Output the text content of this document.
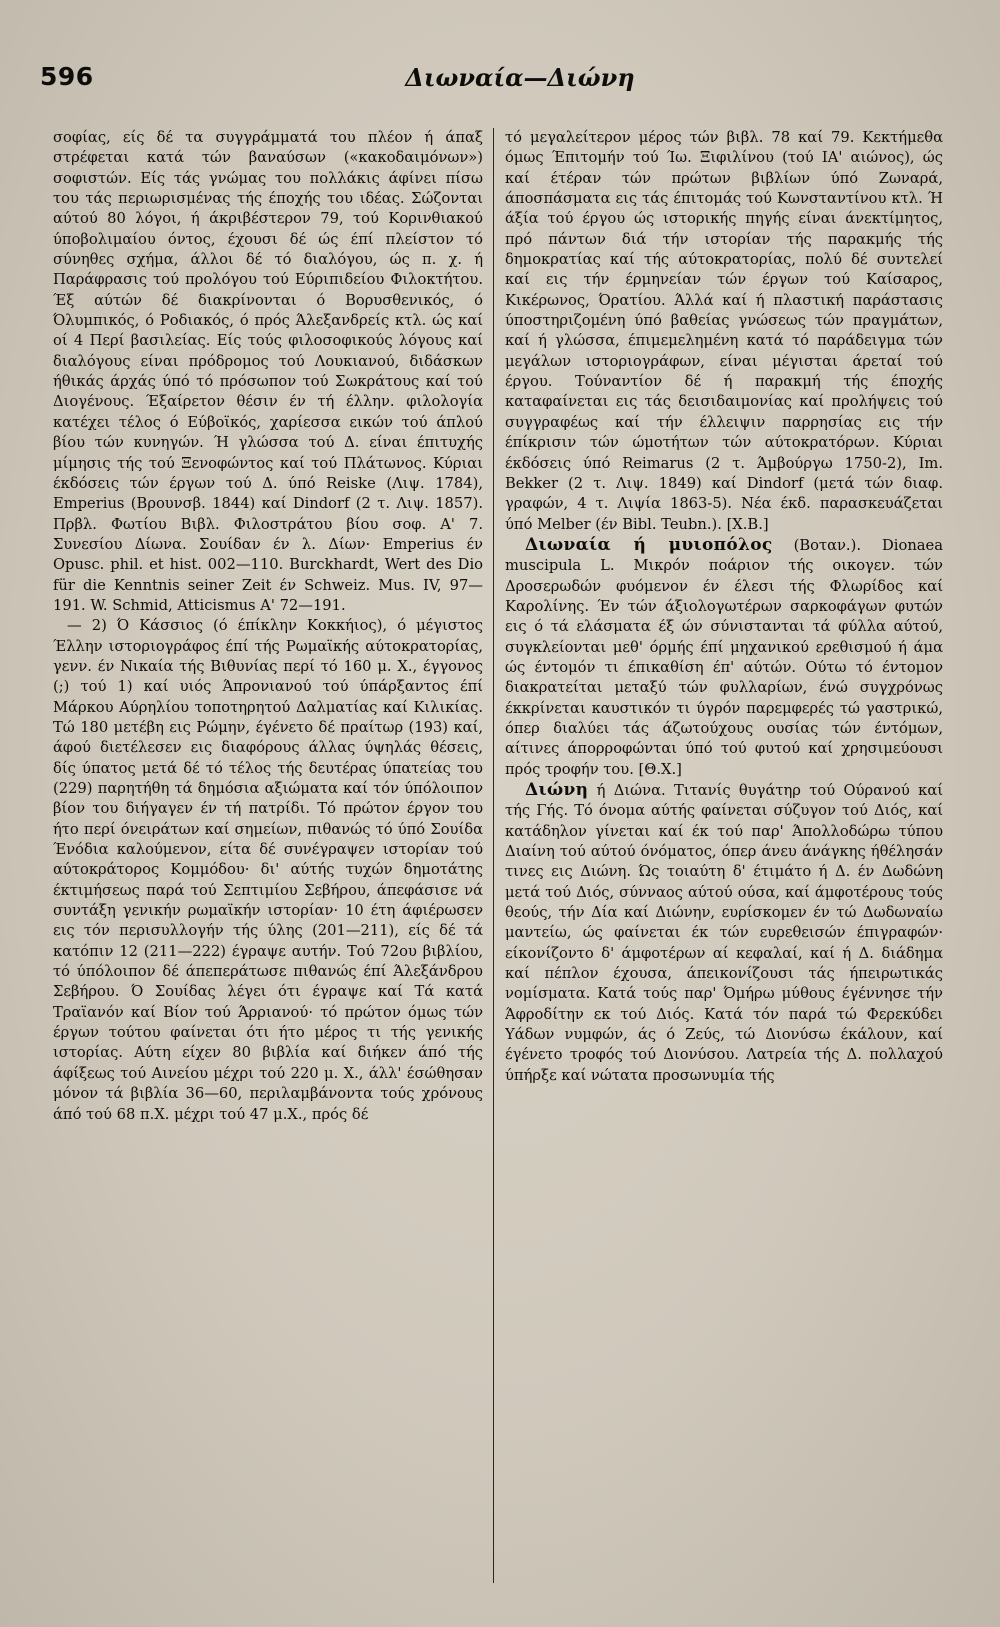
596	Διωναία—Διώνη

σοφίας, είς δέ τα συγγράμματά του πλέον ή άπαξ στρέφεται κατά τών βαναύσων («κακοδαιμόνων») σοφιστών. Είς τάς γνώμας του πολλάκις άφίνει πίσω του τάς περιωρισμένας τής έποχής του ιδέας. Σώζονται αύτού 80 λόγοι, ή άκριβέστερον 79, τού Κορινθιακού ύποβολιμαίου όντος, έχουσι δέ ώς έπί πλείστον τό σύνηθες σχήμα, άλλοι δέ τό διαλόγου, ώς π. χ. ή Παράφρασις τού προλόγου τού Εύριπιδείου Φιλοκτήτου. Έξ αύτών δέ διακρίνονται ό Βορυσθενικός, ό Όλυμπικός, ό Ροδιακός, ό πρός Άλεξανδρείς κτλ. ώς καί οί 4 Περί βασιλείας. Είς τούς φιλοσοφικούς λόγους καί διαλόγους είναι πρόδρομος τού Λουκιανού, διδάσκων ήθικάς άρχάς ύπό τό πρόσωπον τού Σωκράτους καί τού Διογένους. Έξαίρετον θέσιν έν τή έλλην. φιλολογία κατέχει τέλος ό Εύβοϊκός, χαρίεσσα εικών τού άπλού βίου τών κυνηγών. Ή γλώσσα τού Δ. είναι έπιτυχής μίμησις τής τού Ξενοφώντος καί τού Πλάτωνος. Κύριαι έκδόσεις τών έργων τού Δ. ύπό Reiske (Λιψ. 1784), Emperius (Βρουνσβ. 1844) καί Dindorf (2 τ. Λιψ. 1857). Πρβλ. Φωτίου Βιβλ. Φιλοστράτου βίου σοφ. Α' 7. Συνεσίου Δίωνα. Σουίδαν έν λ. Δίων· Emperius έν Opusc. phil. et hist. 002—110. Burckhardt, Wert des Dio für die Kenntnis seiner Zeit έν Schweiz. Mus. IV, 97—191. W. Schmid, Atticismus Α' 72—191.

— 2) Ό Κάσσιος (ό έπίκλην Κοκκήιος), ό μέγιστος Έλλην ιστοριογράφος έπί τής Ρωμαϊκής αύτοκρατορίας, γενν. έν Νικαία τής Βιθυνίας περί τό 160 μ. Χ., έγγονος (;) τού 1) καί υιός Άπρονιανού τού ύπάρξαντος έπί Μάρκου Αύρηλίου τοποτηρητού Δαλματίας καί Κιλικίας. Τώ 180 μετέβη εις Ρώμην, έγένετο δέ πραίτωρ (193) καί, άφού διετέλεσεν εις διαφόρους άλλας ύψηλάς θέσεις, δίς ύπατος μετά δέ τό τέλος τής δευτέρας ύπατείας του (229) παρητήθη τά δημόσια αξιώματα καί τόν ύπόλοιπον βίον του διήγαγεν έν τή πατρίδι. Τό πρώτον έργον του ήτο περί όνειράτων καί σημείων, πιθανώς τό ύπό Σουίδα Ένόδια καλούμενον, είτα δέ συνέγραψεν ιστορίαν τού αύτοκράτορος Κομμόδου· δι' αύτής τυχών δημοτάτης έκτιμήσεως παρά τού Σεπτιμίου Σεβήρου, άπεφάσισε νά συντάξη γενικήν ρωμαϊκήν ιστορίαν· 10 έτη άφιέρωσεν εις τόν περισυλλογήν τής ύλης (201—211), είς δέ τά κατόπιν 12 (211—222) έγραψε αυτήν. Τού 72ου βιβλίου, τό ύπόλοιπον δέ άπεπεράτωσε πιθανώς έπί Άλεξάνδρου Σεβήρου. Ό Σουίδας λέγει ότι έγραψε καί Τά κατά Τραϊανόν καί Βίον τού Άρριανού· τό πρώτον όμως τών έργων τούτου φαίνεται ότι ήτο μέρος τι τής γενικής ιστορίας. Αύτη είχεν 80 βιβλία καί διήκεν άπό τής άφίξεως τού Αινείου μέχρι τού 220 μ. Χ., άλλ' έσώθησαν μόνον τά βιβλία 36—60, περιλαμβάνοντα τούς χρόνους άπό τού 68 π.Χ. μέχρι τού 47 μ.Χ., πρός δέ

τό μεγαλείτερον μέρος τών βιβλ. 78 καί 79. Κεκτήμεθα όμως Έπιτομήν τού Ίω. Ξιφιλίνου (τού ΙΑ' αιώνος), ώς καί έτέραν τών πρώτων βιβλίων ύπό Ζωναρά, άποσπάσματα εις τάς έπιτομάς τού Κωνσταντίνου κτλ. Ή άξία τού έργου ώς ιστορικής πηγής είναι άνεκτίμητος, πρό πάντων διά τήν ιστορίαν τής παρακμής τής δημοκρατίας καί τής αύτοκρατορίας, πολύ δέ συντελεί καί εις τήν έρμηνείαν τών έργων τού Καίσαρος, Κικέρωνος, Όρατίου. Άλλά καί ή πλαστική παράστασις ύποστηριζομένη ύπό βαθείας γνώσεως τών πραγμάτων, καί ή γλώσσα, έπιμεμελημένη κατά τό παράδειγμα τών μεγάλων ιστοριογράφων, είναι μέγισται άρεταί τού έργου. Τούναντίον δέ ή παρακμή τής έποχής καταφαίνεται εις τάς δεισιδαιμονίας καί προλήψεις τού συγγραφέως καί τήν έλλειψιν παρρησίας εις τήν έπίκρισιν τών ώμοτήτων τών αύτοκρατόρων. Κύριαι έκδόσεις ύπό Reimarus (2 τ. Άμβούργω 1750-2), Im. Bekker (2 τ. Λιψ. 1849) καί Dindorf (μετά τών διαφ. γραφών, 4 τ. Λιψία 1863-5). Νέα έκδ. παρασκευάζεται ύπό Melber (έν Bibl. Teubn.). [Χ.Β.]

Διωναία ή μυιοπόλος (Βοταν.). Dionaea muscipula L. Μικρόν ποάριον τής οικογεν. τών Δροσερωδών φυόμενον έν έλεσι τής Φλωρίδος καί Καρολίνης. Έν τών άξιολογωτέρων σαρκοφάγων φυτών εις ό τά ελάσματα έξ ών σύνιστανται τά φύλλα αύτού, συγκλείονται μεθ' όρμής έπί μηχανικού ερεθισμού ή άμα ώς έντομόν τι έπικαθίση έπ' αύτών. Ούτω τό έντομον διακρατείται μεταξύ τών φυλλαρίων, ένώ συγχρόνως έκκρίνεται καυστικόν τι ύγρόν παρεμφερές τώ γαστρικώ, όπερ διαλύει τάς άζωτούχους ουσίας τών έντόμων, αίτινες άπορροφώνται ύπό τού φυτού καί χρησιμεύουσι πρός τροφήν του. [Θ.Χ.]

Διώνη ή Διώνα. Τιτανίς θυγάτηρ τού Ούρανού καί τής Γής. Τό όνομα αύτής φαίνεται σύζυγον τού Διός, καί κατάδηλον γίνεται καί έκ τού παρ' Άπολλοδώρω τύπου Διαίνη τού αύτού όνόματος, όπερ άνευ άνάγκης ήθέλησάν τινες εις Διώνη. Ώς τοιαύτη δ' έτιμάτο ή Δ. έν Δωδώνη μετά τού Διός, σύνναος αύτού ούσα, καί άμφοτέρους τούς θεούς, τήν Δία καί Διώνην, ευρίσκομεν έν τώ Δωδωναίω μαντείω, ώς φαίνεται έκ τών ευρεθεισών έπιγραφών· είκονίζοντο δ' άμφοτέρων αί κεφαλαί, καί ή Δ. διάδημα καί πέπλον έχουσα, άπεικονίζουσι τάς ήπειρωτικάς νομίσματα. Κατά τούς παρ' Όμήρω μύθους έγέννησε τήν Άφροδίτην εκ τού Διός. Κατά τόν παρά τώ Φερεκύδει Υάδων νυμφών, άς ό Ζεύς, τώ Διονύσω έκάλουν, καί έγένετο τροφός τού Διονύσου. Λατρεία τής Δ. πολλαχού ύπήρξε καί νώτατα προσωνυμία τής
